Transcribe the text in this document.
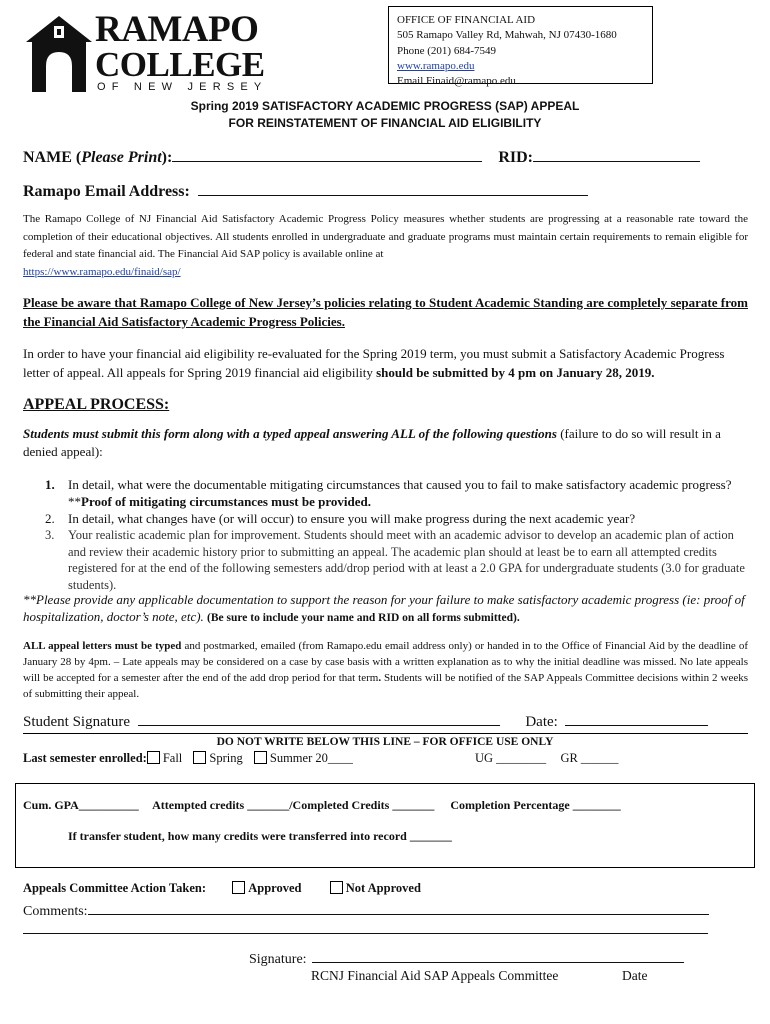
RAMAPO
COLLEGE
OF NEW JERSEY
OFFICE OF FINANCIAL AID
505 Ramapo Valley Rd, Mahwah, NJ 07430-1680
Phone (201) 684-7549
www.ramapo.edu
Email Finaid@ramapo.edu
Spring 2019 SATISFACTORY ACADEMIC PROGRESS (SAP) APPEAL
FOR REINSTATEMENT OF FINANCIAL AID ELIGIBILITY
NAME (Please Print):	RID:
Ramapo Email Address:
The Ramapo College of NJ Financial Aid Satisfactory Academic Progress Policy measures whether students are progressing at a reasonable rate toward the completion of their educational objectives. All students enrolled in undergraduate and graduate programs must maintain certain requirements to remain eligible for federal and state financial aid. The Financial Aid SAP policy is available online at
https://www.ramapo.edu/finaid/sap/
Please be aware that Ramapo College of New Jersey’s policies relating to Student Academic Standing are completely separate from the Financial Aid Satisfactory Academic Progress Policies.
In order to have your financial aid eligibility re-evaluated for the Spring 2019 term, you must submit a Satisfactory Academic Progress letter of appeal. All appeals for Spring 2019 financial aid eligibility should be submitted by 4 pm on January 28, 2019.
APPEAL PROCESS:
Students must submit this form along with a typed appeal answering ALL of the following questions (failure to do so will result in a denied appeal):
1. In detail, what were the documentable mitigating circumstances that caused you to fail to make satisfactory academic progress? **Proof of mitigating circumstances must be provided.
2. In detail, what changes have (or will occur) to ensure you will make progress during the next academic year?
3. Your realistic academic plan for improvement. Students should meet with an academic advisor to develop an academic plan of action and review their academic history prior to submitting an appeal. The academic plan should at least be to earn all attempted credits registered for at the end of the following semesters add/drop period with at least a 2.0 GPA for undergraduate students (3.0 for graduate students).
**Please provide any applicable documentation to support the reason for your failure to make satisfactory academic progress (ie: proof of hospitalization, doctor’s note, etc). (Be sure to include your name and RID on all forms submitted).
ALL appeal letters must be typed and postmarked, emailed (from Ramapo.edu email address only) or handed in to the Office of Financial Aid by the deadline of January 28 by 4pm. – Late appeals may be considered on a case by case basis with a written explanation as to why the initial deadline was missed. No late appeals will be accepted for a semester after the end of the add drop period for that term. Students will be notified of the SAP Appeals Committee decisions within 2 weeks of submitting their appeal.
Student Signature	Date:
DO NOT WRITE BELOW THIS LINE – FOR OFFICE USE ONLY
Last semester enrolled: Fall Spring Summer 20____	UG ________ GR ______
Cum. GPA__________ Attempted credits _______/Completed Credits _______ Completion Percentage ________
If transfer student, how many credits were transferred into record _______
Appeals Committee Action Taken:	Approved	Not Approved
Comments:
Signature:
RCNJ Financial Aid SAP Appeals Committee	Date
